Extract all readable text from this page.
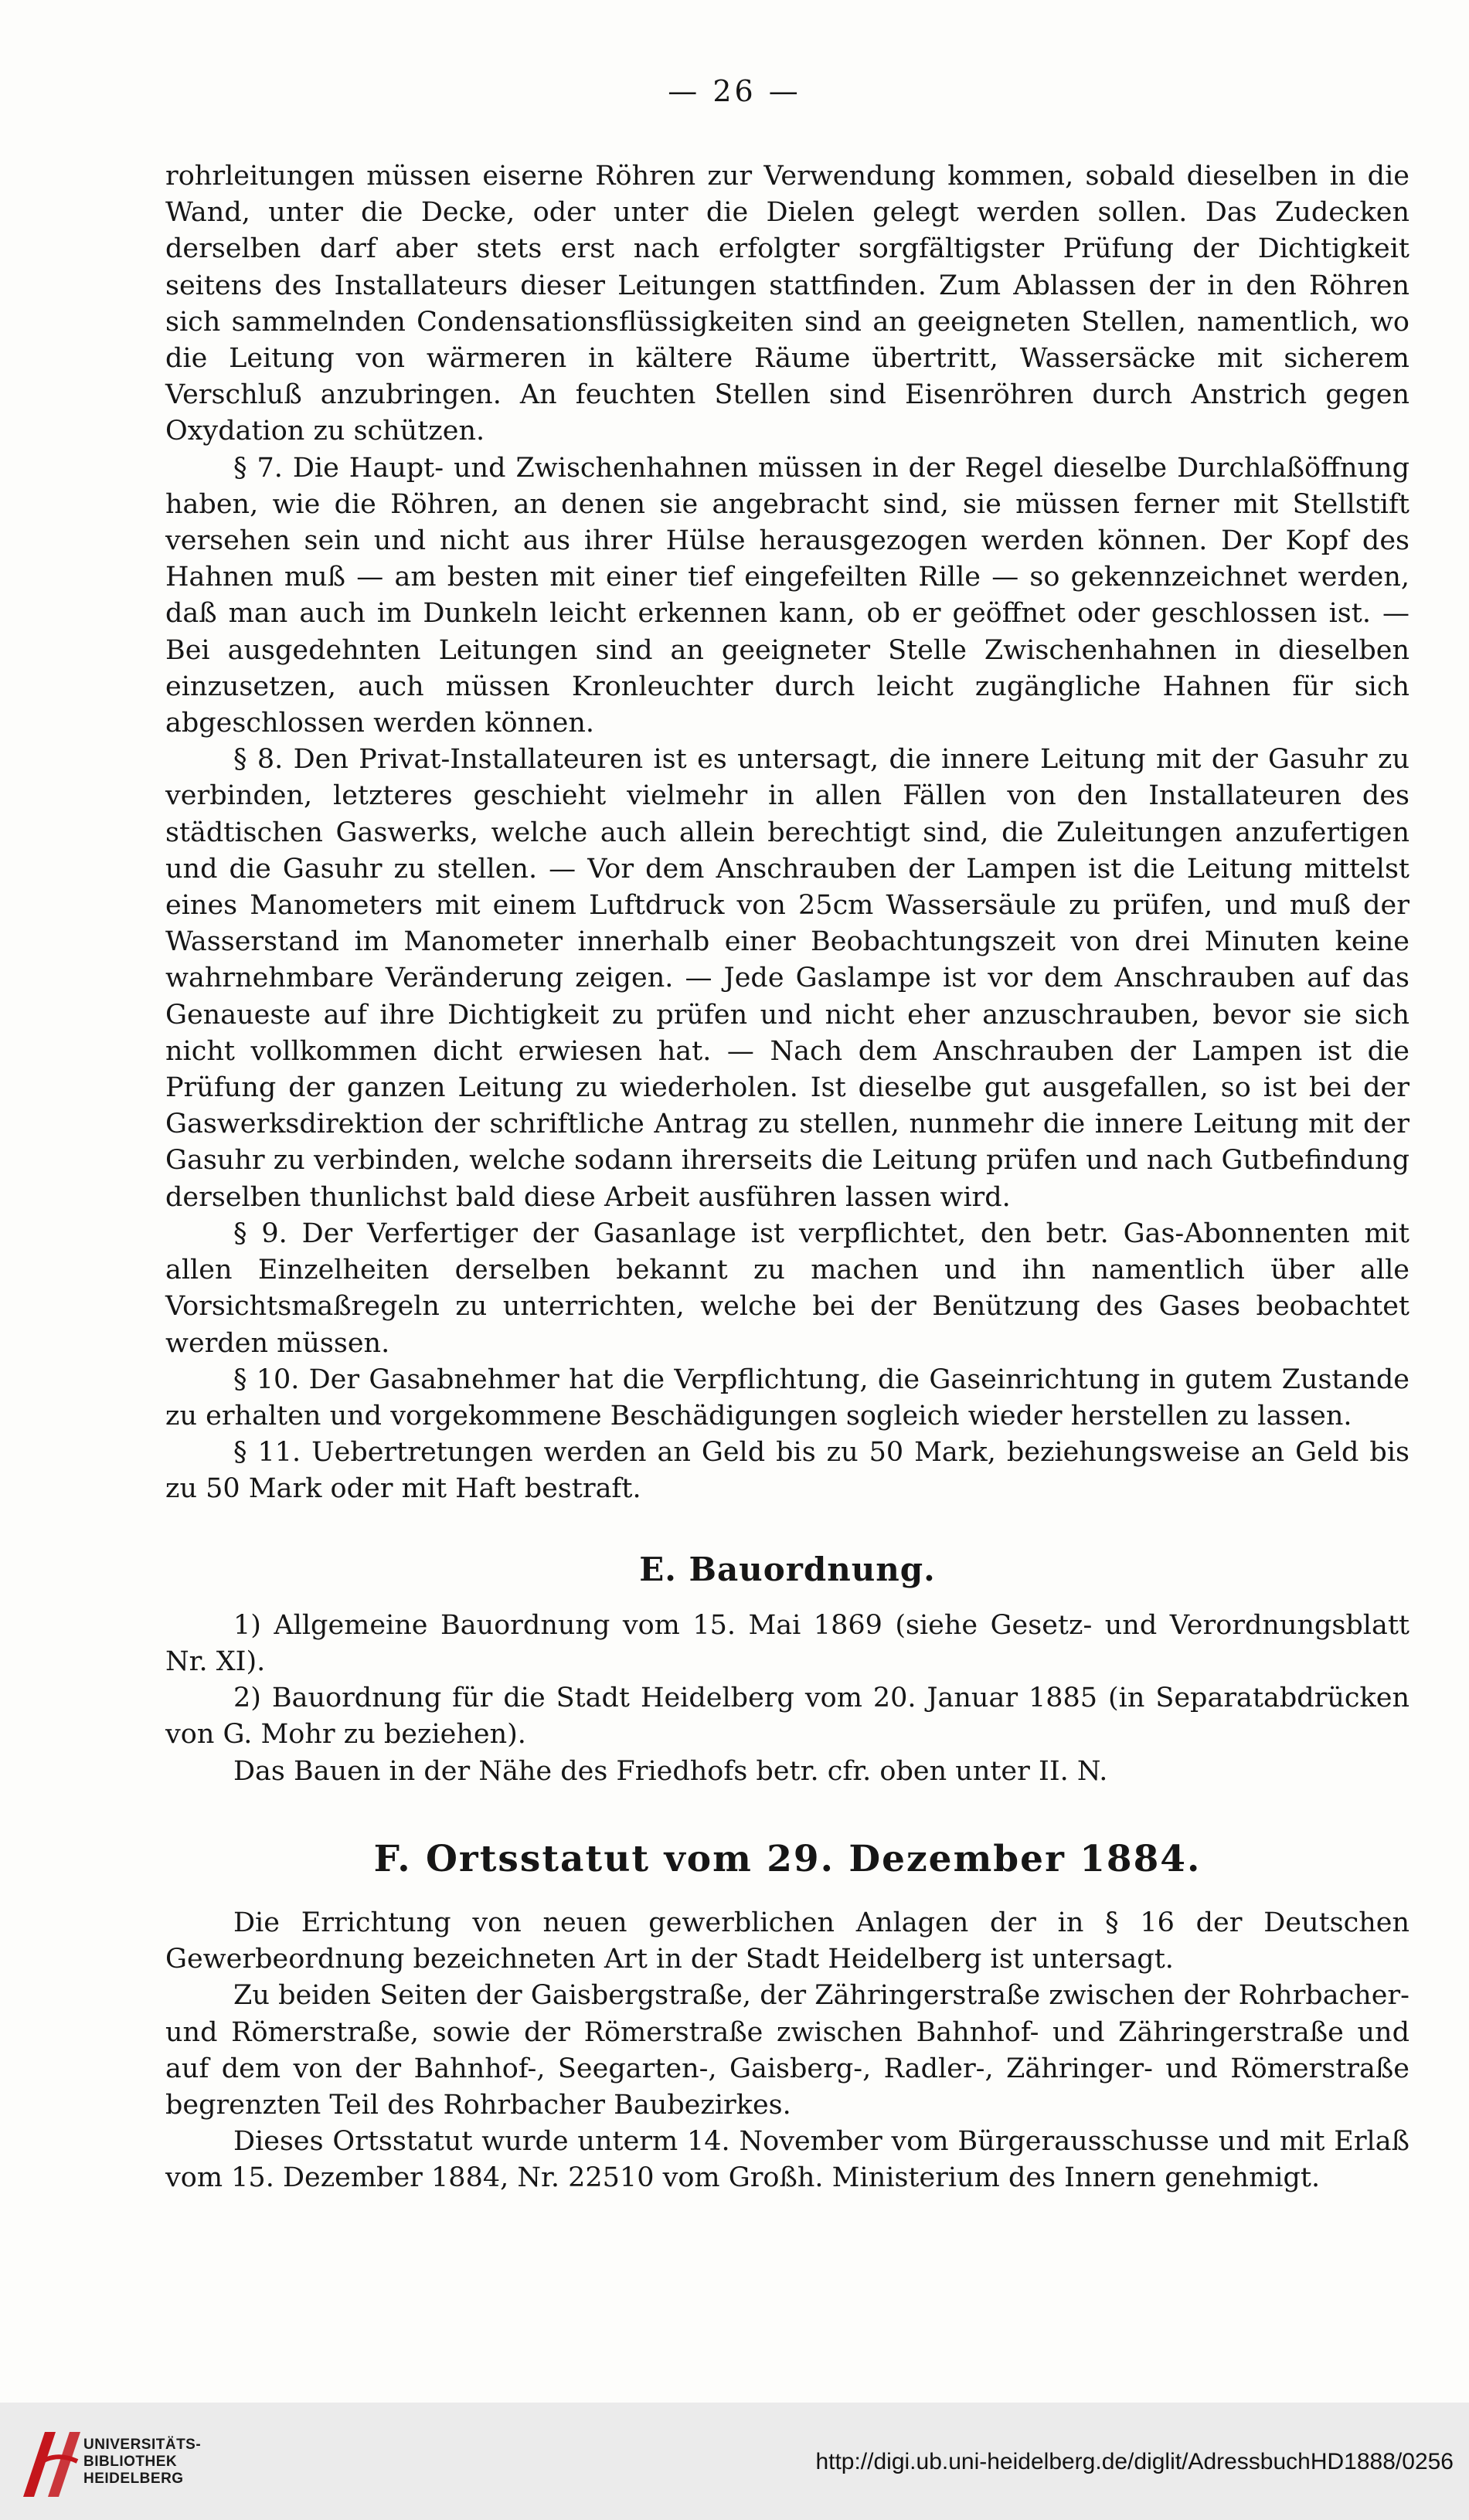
— 26 —

rohrleitungen müssen eiserne Röhren zur Verwendung kommen, sobald dieselben in die Wand, unter die Decke, oder unter die Dielen gelegt werden sollen. Das Zudecken derselben darf aber stets erst nach erfolgter sorgfältigster Prüfung der Dichtigkeit seitens des Installateurs dieser Leitungen stattfinden. Zum Ablassen der in den Röhren sich sammelnden Condensationsflüssigkeiten sind an geeigneten Stellen, namentlich, wo die Leitung von wärmeren in kältere Räume übertritt, Wassersäcke mit sicherem Verschluß anzubringen. An feuchten Stellen sind Eisenröhren durch Anstrich gegen Oxydation zu schützen.

§ 7. Die Haupt- und Zwischenhahnen müssen in der Regel dieselbe Durchlaßöffnung haben, wie die Röhren, an denen sie angebracht sind, sie müssen ferner mit Stellstift versehen sein und nicht aus ihrer Hülse herausgezogen werden können. Der Kopf des Hahnen muß — am besten mit einer tief eingefeilten Rille — so gekennzeichnet werden, daß man auch im Dunkeln leicht erkennen kann, ob er geöffnet oder geschlossen ist. — Bei ausgedehnten Leitungen sind an geeigneter Stelle Zwischenhahnen in dieselben einzusetzen, auch müssen Kronleuchter durch leicht zugängliche Hahnen für sich abgeschlossen werden können.

§ 8. Den Privat-Installateuren ist es untersagt, die innere Leitung mit der Gasuhr zu verbinden, letzteres geschieht vielmehr in allen Fällen von den Installateuren des städtischen Gaswerks, welche auch allein berechtigt sind, die Zuleitungen anzufertigen und die Gasuhr zu stellen. — Vor dem Anschrauben der Lampen ist die Leitung mittelst eines Manometers mit einem Luftdruck von 25cm Wassersäule zu prüfen, und muß der Wasserstand im Manometer innerhalb einer Beobachtungszeit von drei Minuten keine wahrnehmbare Veränderung zeigen. — Jede Gaslampe ist vor dem Anschrauben auf das Genaueste auf ihre Dichtigkeit zu prüfen und nicht eher anzuschrauben, bevor sie sich nicht vollkommen dicht erwiesen hat. — Nach dem Anschrauben der Lampen ist die Prüfung der ganzen Leitung zu wiederholen. Ist dieselbe gut ausgefallen, so ist bei der Gaswerksdirektion der schriftliche Antrag zu stellen, nunmehr die innere Leitung mit der Gasuhr zu verbinden, welche sodann ihrerseits die Leitung prüfen und nach Gutbefindung derselben thunlichst bald diese Arbeit ausführen lassen wird.

§ 9. Der Verfertiger der Gasanlage ist verpflichtet, den betr. Gas-Abonnenten mit allen Einzelheiten derselben bekannt zu machen und ihn namentlich über alle Vorsichtsmaßregeln zu unterrichten, welche bei der Benützung des Gases beobachtet werden müssen.

§ 10. Der Gasabnehmer hat die Verpflichtung, die Gaseinrichtung in gutem Zustande zu erhalten und vorgekommene Beschädigungen sogleich wieder herstellen zu lassen.

§ 11. Uebertretungen werden an Geld bis zu 50 Mark, beziehungsweise an Geld bis zu 50 Mark oder mit Haft bestraft.

E. Bauordnung.

1) Allgemeine Bauordnung vom 15. Mai 1869 (siehe Gesetz- und Verordnungsblatt Nr. XI).

2) Bauordnung für die Stadt Heidelberg vom 20. Januar 1885 (in Separatabdrücken von G. Mohr zu beziehen).

Das Bauen in der Nähe des Friedhofs betr. cfr. oben unter II. N.

F. Ortsstatut vom 29. Dezember 1884.

Die Errichtung von neuen gewerblichen Anlagen der in § 16 der Deutschen Gewerbeordnung bezeichneten Art in der Stadt Heidelberg ist untersagt.

Zu beiden Seiten der Gaisbergstraße, der Zähringerstraße zwischen der Rohrbacher- und Römerstraße, sowie der Römerstraße zwischen Bahnhof- und Zähringerstraße und auf dem von der Bahnhof-, Seegarten-, Gaisberg-, Radler-, Zähringer- und Römerstraße begrenzten Teil des Rohrbacher Baubezirkes.

Dieses Ortsstatut wurde unterm 14. November vom Bürgerausschusse und mit Erlaß vom 15. Dezember 1884, Nr. 22510 vom Großh. Ministerium des Innern genehmigt.

UNIVERSITÄTS-
BIBLIOTHEK
HEIDELBERG
http://digi.ub.uni-heidelberg.de/diglit/AdressbuchHD1888/0256
